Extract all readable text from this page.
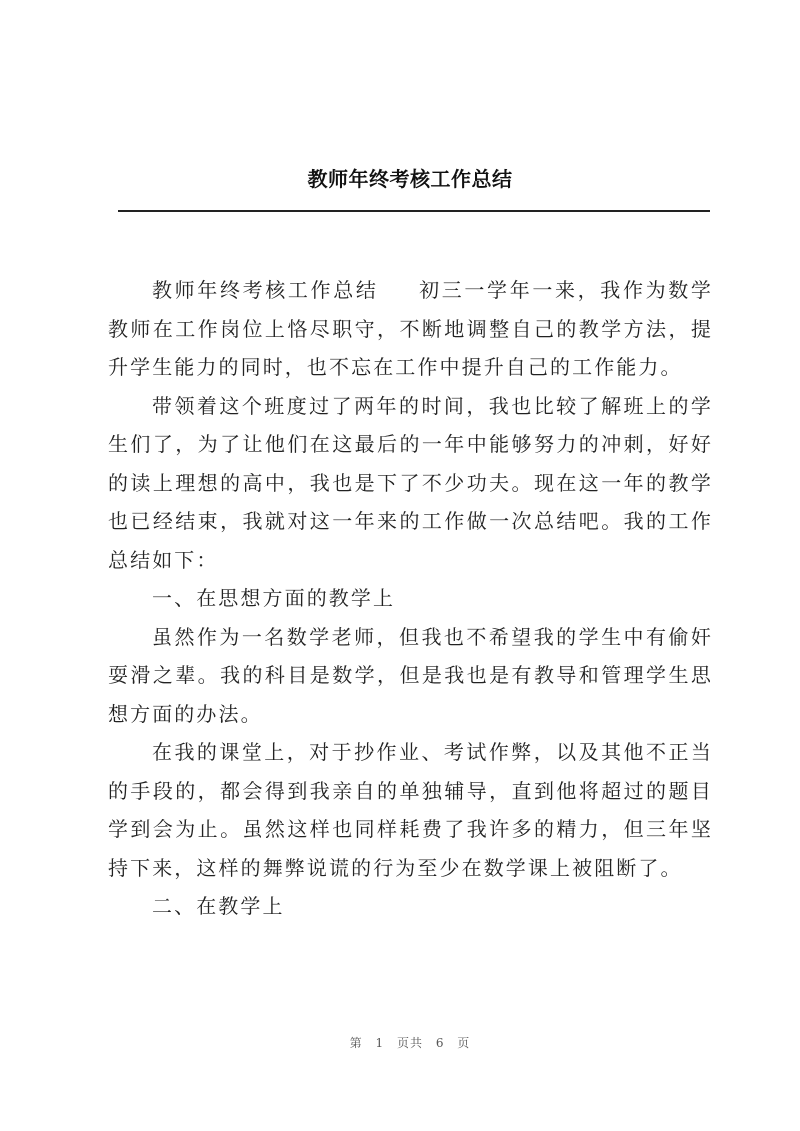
教师年终考核工作总结

教师年终考核工作总结 初三一学年一来，我作为数学教师在工作岗位上恪尽职守，不断地调整自己的教学方法，提升学生能力的同时，也不忘在工作中提升自己的工作能力。

带领着这个班度过了两年的时间，我也比较了解班上的学生们了，为了让他们在这最后的一年中能够努力的冲刺，好好的读上理想的高中，我也是下了不少功夫。现在这一年的教学也已经结束，我就对这一年来的工作做一次总结吧。我的工作总结如下：

一、在思想方面的教学上

虽然作为一名数学老师，但我也不希望我的学生中有偷奸耍滑之辈。我的科目是数学，但是我也是有教导和管理学生思想方面的办法。

在我的课堂上，对于抄作业、考试作弊，以及其他不正当的手段的，都会得到我亲自的单独辅导，直到他将超过的题目学到会为止。虽然这样也同样耗费了我许多的精力，但三年坚持下来，这样的舞弊说谎的行为至少在数学课上被阻断了。

二、在教学上

第 1 页共 6 页
